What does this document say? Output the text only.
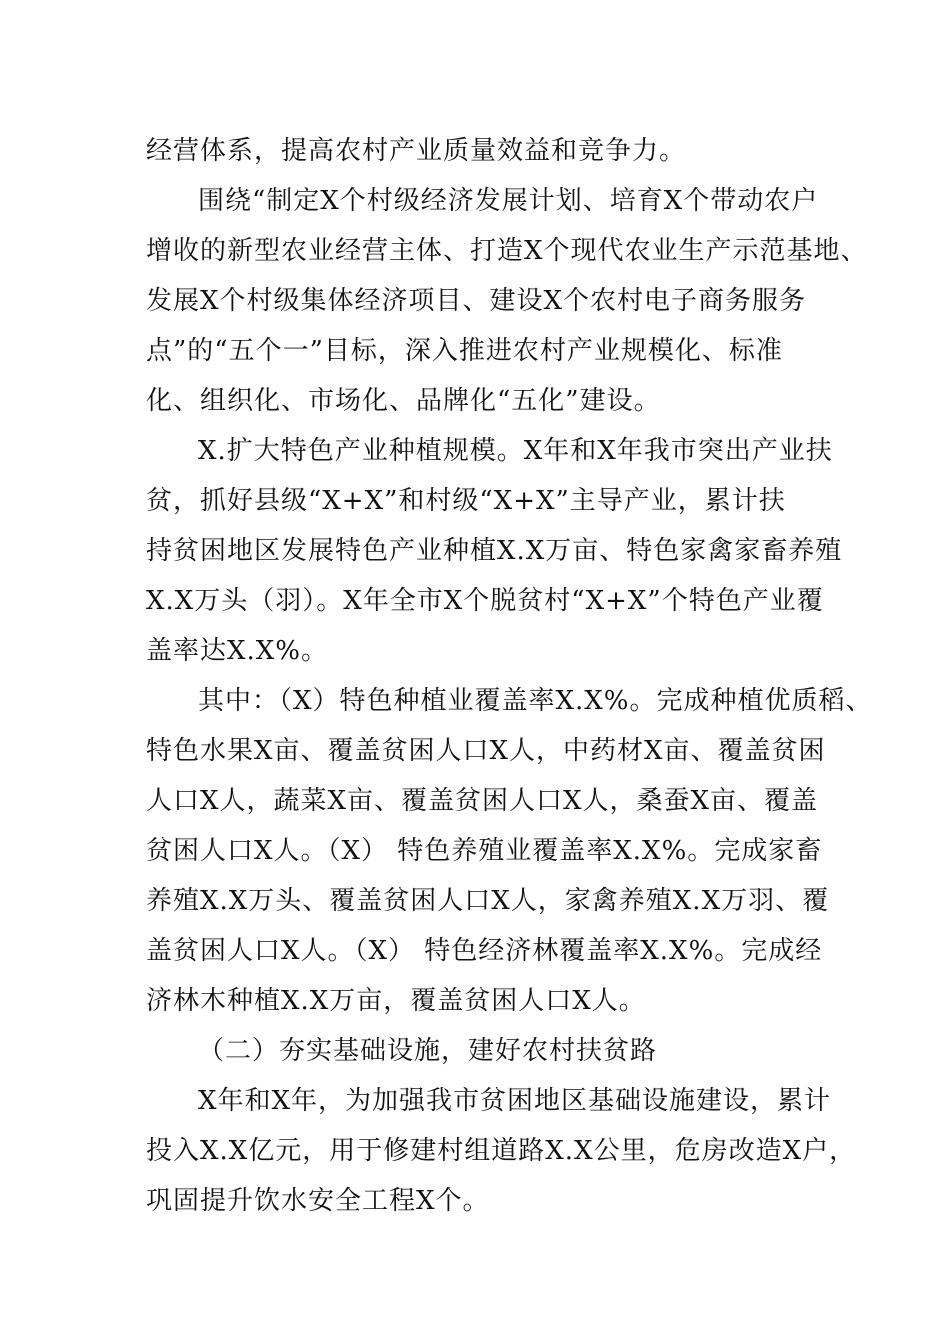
经营体系，提高农村产业质量效益和竞争力。
围绕“制定X个村级经济发展计划、培育X个带动农户
增收的新型农业经营主体、打造X个现代农业生产示范基地、
发展X个村级集体经济项目、建设X个农村电子商务服务
点”的“五个一”目标，深入推进农村产业规模化、标准
化、组织化、市场化、品牌化“五化”建设。
X.扩大特色产业种植规模。X年和X年我市突出产业扶
贫，抓好县级“X+X”和村级“X+X”主导产业，累计扶
持贫困地区发展特色产业种植X.X万亩、特色家禽家畜养殖
X.X万头（羽）。X年全市X个脱贫村“X+X”个特色产业覆
盖率达X.X%。
其中：（X）特色种植业覆盖率X.X%。完成种植优质稻、
特色水果X亩、覆盖贫困人口X人，中药材X亩、覆盖贫困
人口X人，蔬菜X亩、覆盖贫困人口X人，桑蚕X亩、覆盖
贫困人口X人。（X） 特色养殖业覆盖率X.X%。完成家畜
养殖X.X万头、覆盖贫困人口X人，家禽养殖X.X万羽、覆
盖贫困人口X人。（X） 特色经济林覆盖率X.X%。完成经
济林木种植X.X万亩，覆盖贫困人口X人。
（二）夯实基础设施，建好农村扶贫路
X年和X年，为加强我市贫困地区基础设施建设，累计
投入X.X亿元，用于修建村组道路X.X公里，危房改造X户，
巩固提升饮水安全工程X个。
